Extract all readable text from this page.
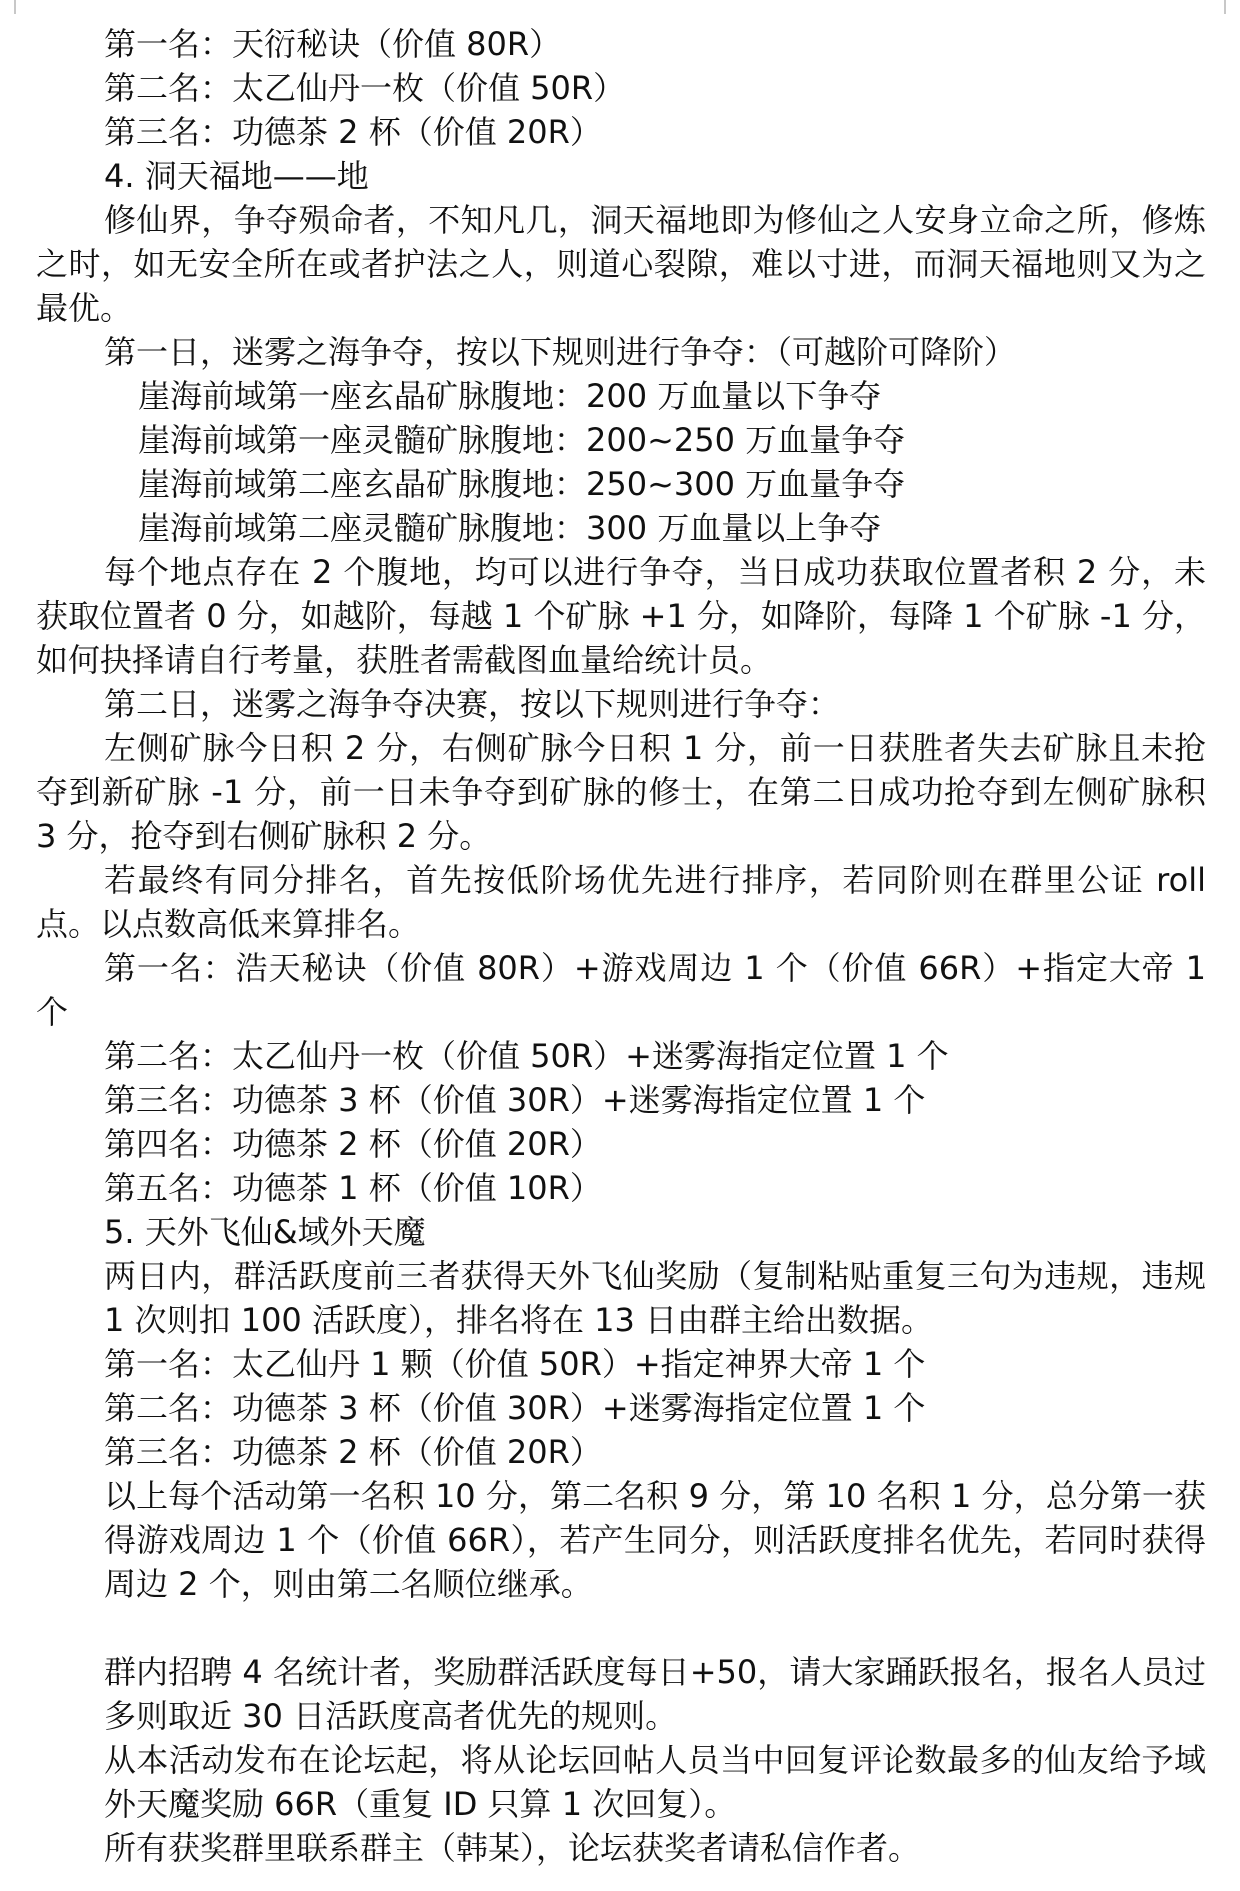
第一名：天衍秘诀（价值 80R）

第二名：太乙仙丹一枚（价值 50R）

第三名：功德茶 2 杯（价值 20R）

4. 洞天福地——地

修仙界，争夺殒命者，不知凡几，洞天福地即为修仙之人安身立命之所，修炼之时，如无安全所在或者护法之人，则道心裂隙，难以寸进，而洞天福地则又为之最优。

第一日，迷雾之海争夺，按以下规则进行争夺：（可越阶可降阶）

崖海前域第一座玄晶矿脉腹地：200 万血量以下争夺

崖海前域第一座灵髓矿脉腹地：200~250 万血量争夺

崖海前域第二座玄晶矿脉腹地：250~300 万血量争夺

崖海前域第二座灵髓矿脉腹地：300 万血量以上争夺

每个地点存在 2 个腹地，均可以进行争夺，当日成功获取位置者积 2 分，未获取位置者 0 分，如越阶，每越 1 个矿脉 +1 分，如降阶，每降 1 个矿脉 -1 分，如何抉择请自行考量，获胜者需截图血量给统计员。

第二日，迷雾之海争夺决赛，按以下规则进行争夺：

左侧矿脉今日积 2 分，右侧矿脉今日积 1 分，前一日获胜者失去矿脉且未抢夺到新矿脉 -1 分，前一日未争夺到矿脉的修士，在第二日成功抢夺到左侧矿脉积 3 分，抢夺到右侧矿脉积 2 分。

若最终有同分排名，首先按低阶场优先进行排序，若同阶则在群里公证 roll 点。以点数高低来算排名。

第一名：浩天秘诀（价值 80R）+游戏周边 1 个（价值 66R）+指定大帝 1 个

第二名：太乙仙丹一枚（价值 50R）+迷雾海指定位置 1 个

第三名：功德茶 3 杯（价值 30R）+迷雾海指定位置 1 个

第四名：功德茶 2 杯（价值 20R）

第五名：功德茶 1 杯（价值 10R）

5. 天外飞仙&域外天魔

两日内，群活跃度前三者获得天外飞仙奖励（复制粘贴重复三句为违规，违规 1 次则扣 100 活跃度），排名将在 13 日由群主给出数据。

第一名：太乙仙丹 1 颗（价值 50R）+指定神界大帝 1 个

第二名：功德茶 3 杯（价值 30R）+迷雾海指定位置 1 个

第三名：功德茶 2 杯（价值 20R）

以上每个活动第一名积 10 分，第二名积 9 分，第 10 名积 1 分，总分第一获得游戏周边 1 个（价值 66R），若产生同分，则活跃度排名优先，若同时获得周边 2 个，则由第二名顺位继承。

群内招聘 4 名统计者，奖励群活跃度每日+50，请大家踊跃报名，报名人员过多则取近 30 日活跃度高者优先的规则。

从本活动发布在论坛起，将从论坛回帖人员当中回复评论数最多的仙友给予域外天魔奖励 66R（重复 ID 只算 1 次回复）。

所有获奖群里联系群主（韩某），论坛获奖者请私信作者。
